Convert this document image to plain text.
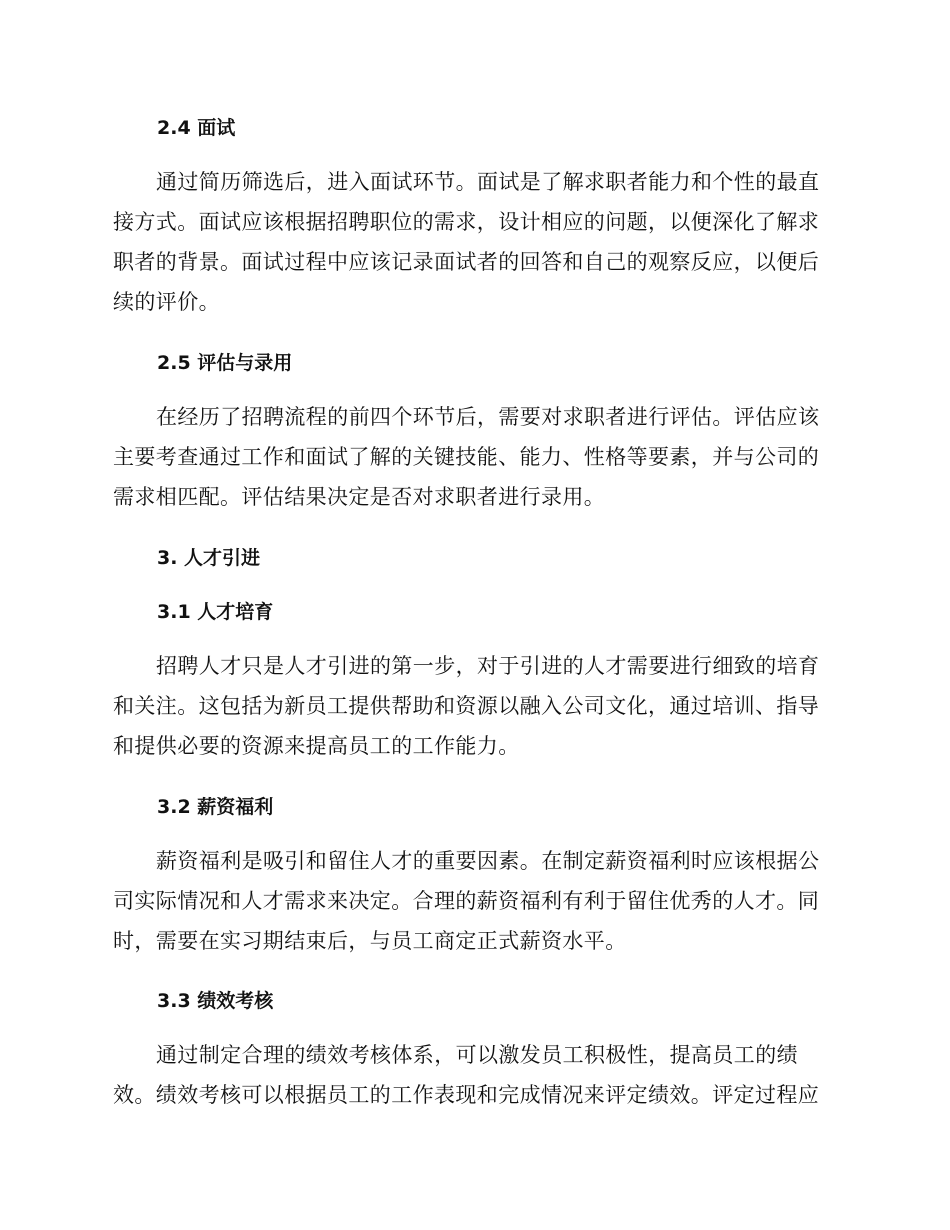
2.4 面试
通过简历筛选后，进入面试环节。面试是了解求职者能力和个性的最直
接方式。面试应该根据招聘职位的需求，设计相应的问题，以便深化了解求
职者的背景。面试过程中应该记录面试者的回答和自己的观察反应，以便后
续的评价。
2.5 评估与录用
在经历了招聘流程的前四个环节后，需要对求职者进行评估。评估应该
主要考查通过工作和面试了解的关键技能、能力、性格等要素，并与公司的
需求相匹配。评估结果决定是否对求职者进行录用。
3. 人才引进
3.1 人才培育
招聘人才只是人才引进的第一步，对于引进的人才需要进行细致的培育
和关注。这包括为新员工提供帮助和资源以融入公司文化，通过培训、指导
和提供必要的资源来提高员工的工作能力。
3.2 薪资福利
薪资福利是吸引和留住人才的重要因素。在制定薪资福利时应该根据公
司实际情况和人才需求来决定。合理的薪资福利有利于留住优秀的人才。同
时，需要在实习期结束后，与员工商定正式薪资水平。
3.3 绩效考核
通过制定合理的绩效考核体系，可以激发员工积极性，提高员工的绩
效。绩效考核可以根据员工的工作表现和完成情况来评定绩效。评定过程应
